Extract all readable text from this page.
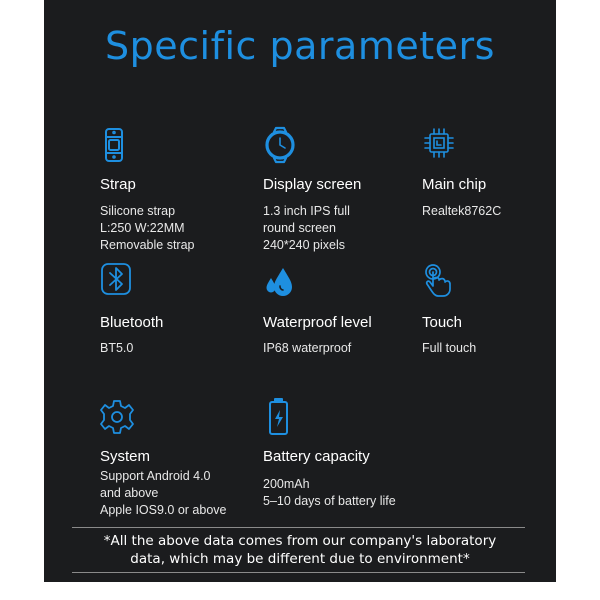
Specific parameters
Strap
Silicone strap
L:250 W:22MM
Removable strap
Display screen
1.3 inch IPS full
round screen
240*240 pixels
Main chip
Realtek8762C
Bluetooth
BT5.0
Waterproof level
IP68 waterproof
Touch
Full touch
System
Support Android 4.0
and above
Apple IOS9.0 or above
Battery capacity
200mAh
5–10 days of battery life
*All the above data comes from our company's laboratory
data, which may be different due to environment*
